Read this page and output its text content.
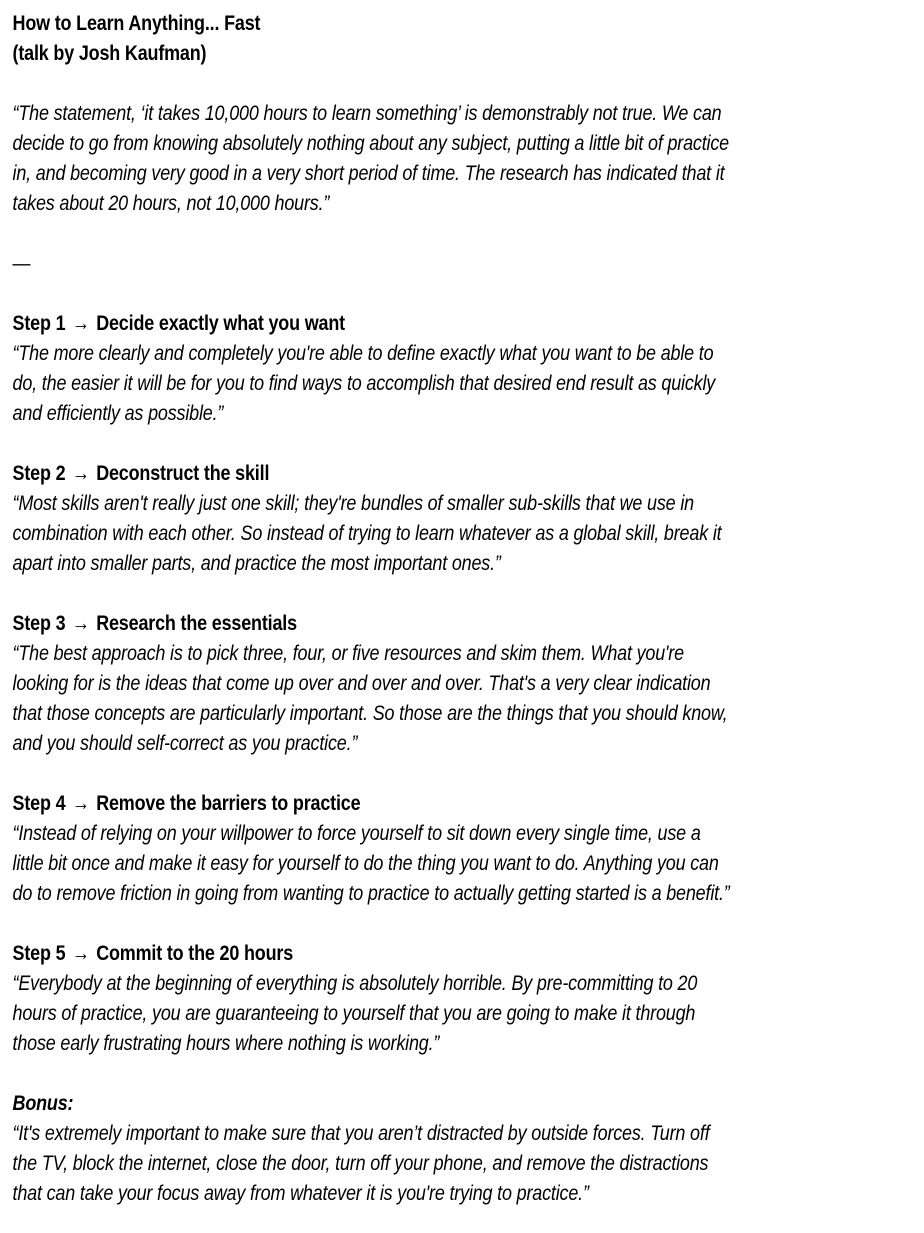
How to Learn Anything... Fast
(talk by Josh Kaufman)
“The statement, ‘it takes 10,000 hours to learn something’ is demonstrably not true. We can
decide to go from knowing absolutely nothing about any subject, putting a little bit of practice
in, and becoming very good in a very short period of time. The research has indicated that it
takes about 20 hours, not 10,000 hours.”
—
Step 1 → Decide exactly what you want
“The more clearly and completely you're able to define exactly what you want to be able to
do, the easier it will be for you to find ways to accomplish that desired end result as quickly
and efficiently as possible.”
Step 2 → Deconstruct the skill
“Most skills aren't really just one skill; they're bundles of smaller sub-skills that we use in
combination with each other. So instead of trying to learn whatever as a global skill, break it
apart into smaller parts, and practice the most important ones.”
Step 3 → Research the essentials
“The best approach is to pick three, four, or five resources and skim them. What you're
looking for is the ideas that come up over and over and over. That's a very clear indication
that those concepts are particularly important. So those are the things that you should know,
and you should self-correct as you practice.”
Step 4 → Remove the barriers to practice
“Instead of relying on your willpower to force yourself to sit down every single time, use a
little bit once and make it easy for yourself to do the thing you want to do. Anything you can
do to remove friction in going from wanting to practice to actually getting started is a benefit.”
Step 5 → Commit to the 20 hours
“Everybody at the beginning of everything is absolutely horrible. By pre-committing to 20
hours of practice, you are guaranteeing to yourself that you are going to make it through
those early frustrating hours where nothing is working.”
Bonus:
“It's extremely important to make sure that you aren’t distracted by outside forces. Turn off
the TV, block the internet, close the door, turn off your phone, and remove the distractions
that can take your focus away from whatever it is you're trying to practice.”
